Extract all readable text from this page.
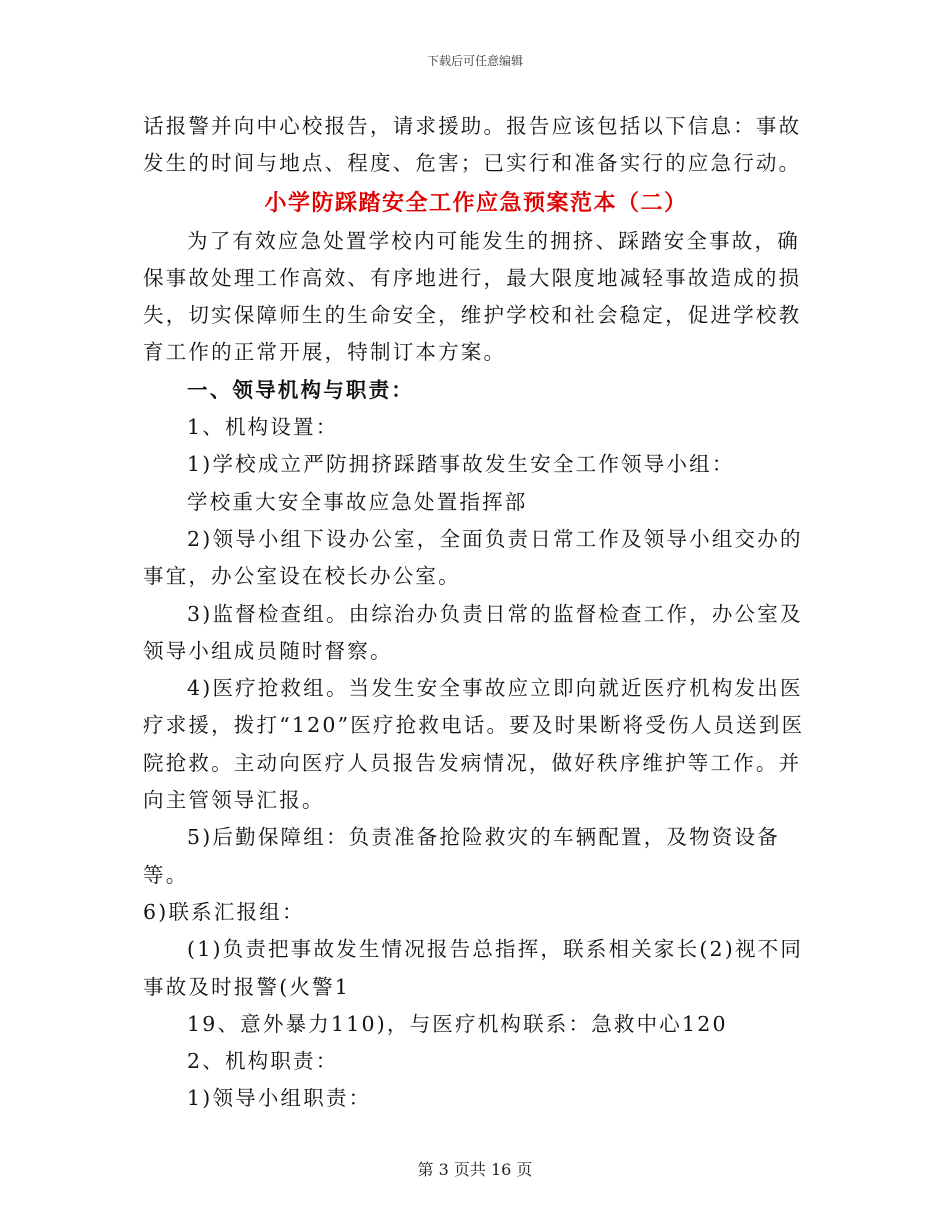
下载后可任意编辑

话报警并向中心校报告，请求援助。报告应该包括以下信息：事故发生的时间与地点、程度、危害；已实行和准备实行的应急行动。

小学防踩踏安全工作应急预案范本（二）

为了有效应急处置学校内可能发生的拥挤、踩踏安全事故，确保事故处理工作高效、有序地进行，最大限度地减轻事故造成的损失，切实保障师生的生命安全，维护学校和社会稳定，促进学校教育工作的正常开展，特制订本方案。

一、领导机构与职责：

1、机构设置：

1)学校成立严防拥挤踩踏事故发生安全工作领导小组：

学校重大安全事故应急处置指挥部

2)领导小组下设办公室，全面负责日常工作及领导小组交办的事宜，办公室设在校长办公室。

3)监督检查组。由综治办负责日常的监督检查工作，办公室及领导小组成员随时督察。

4)医疗抢救组。当发生安全事故应立即向就近医疗机构发出医疗求援，拨打“120”医疗抢救电话。要及时果断将受伤人员送到医院抢救。主动向医疗人员报告发病情况，做好秩序维护等工作。并向主管领导汇报。

5)后勤保障组：负责准备抢险救灾的车辆配置，及物资设备等。

6)联系汇报组：

(1)负责把事故发生情况报告总指挥，联系相关家长(2)视不同事故及时报警(火警1

19、意外暴力110)，与医疗机构联系：急救中心120

2、机构职责：

1)领导小组职责：

第 3 页共 16 页
